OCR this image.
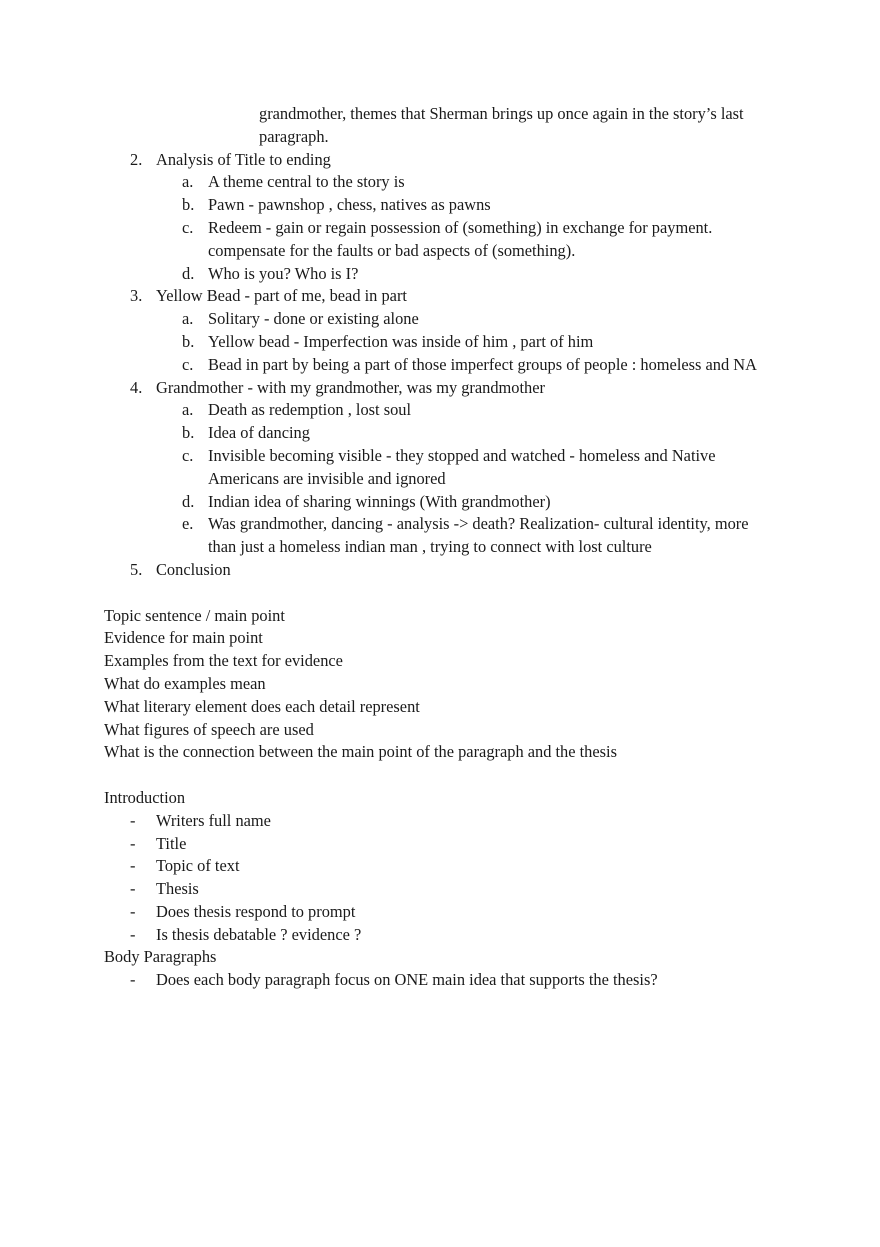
grandmother, themes that Sherman brings up once again in the story’s last paragraph.
2. Analysis of Title to ending
a. A theme central to the story is
b. Pawn - pawnshop , chess, natives as pawns
c. Redeem - gain or regain possession of (something) in exchange for payment. compensate for the faults or bad aspects of (something).
d. Who is you? Who is I?
3. Yellow Bead - part of me, bead in part
a. Solitary - done or existing alone
b. Yellow bead - Imperfection was inside of him , part of him
c. Bead in part by being a part of those imperfect groups of people : homeless and NA
4. Grandmother - with my grandmother, was my grandmother
a. Death as redemption , lost soul
b. Idea of dancing
c. Invisible becoming visible - they stopped and watched - homeless and Native Americans are invisible and ignored
d. Indian idea of sharing winnings (With grandmother)
e. Was grandmother, dancing - analysis -> death? Realization- cultural identity, more than just a homeless indian man , trying to connect with lost culture
5. Conclusion
Topic sentence / main point
Evidence for main point
Examples from the text for evidence
What do examples mean
What literary element does each detail represent
What figures of speech are used
What is the connection between the main point of the paragraph and the thesis
Introduction
- Writers full name
- Title
- Topic of text
- Thesis
- Does thesis respond to prompt
- Is thesis debatable ? evidence ?
Body Paragraphs
- Does each body paragraph focus on ONE main idea that supports the thesis?
